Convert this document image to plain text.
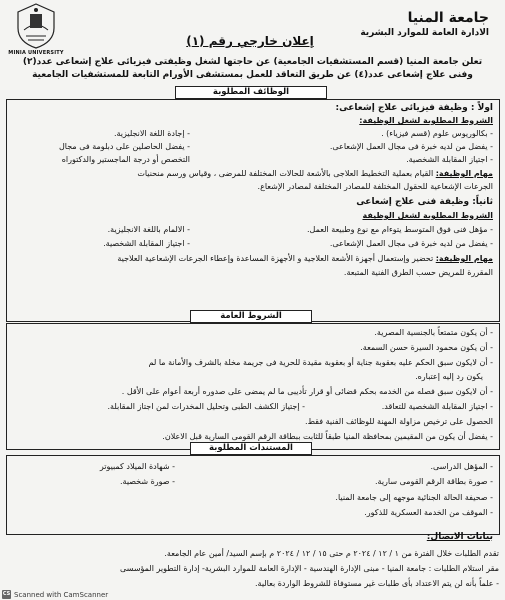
MINIA UNIVERSITY
جامعة المنيا
الادارة العامة للموارد البشرية
إعلان خارجي رقم (١)
تعلن جامعة المنيا (قسم المستشفيات الجامعية) عن حاجتها لشغل وظيفتى فيزيائى علاج إشعاعى عدد(٢)
وفنى علاج إشعاعى عدد(٤) عن طريق التعاقد للعمل بمستشفى الأورام التابعة للمستشفيات الجامعية
الوظائف المطلوبة
اولاً : وظيفة فيزيائى علاج إشعاعى:
الشروط المطلوبة لشغل الوظيفة:
- بكالوريوس علوم (قسم فيزياء) .
- إجادة اللغة الانجليزية.
- يفضل من لديه خبرة فى مجال العمل الإشعاعى.
- يفضل الحاصلين على دبلومة فى مجال
- اجتياز المقابلة الشخصية.
التخصص أو درجة الماجستير والدكتوراه
مهام الوظيفة: القيام بعملية التخطيط العلاجى بالأشعة للحالات المختلفة للمرضى ، وقياس ورسم منحنيات
الجرعات الإشعاعية للحقول المختلفة للمصادر المختلفة لمصادر الإشعاع.
ثانياً: وظيفة فنى علاج إشعاعى
الشروط المطلوبة لشغل الوظيفة
- مؤهل فنى فوق المتوسط يتوءام مع نوع وطبيعة العمل.
- الالمام باللغة الانجليزية.
- يفضل من لديه خبرة فى مجال العمل الإشعاعى.
- اجتياز المقابلة الشخصية.
مهام الوظيفة: تحضير وإستعمال أجهزة الأشعة العلاجية و الأجهزة المساعدة وإعطاء الجرعات الإشعاعية العلاجية
المقررة للمريض حسب الطرق الفنية المتبعة.
الشروط العامة
- أن يكون متمتعاً بالجنسية المصرية.
- أن يكون محمود السيرة حسن السمعة.
- أن لايكون سبق الحكم عليه بعقوبة جناية أو بعقوبة مقيدة للحرية فى جريمة مخلة بالشرف والأمانة ما لم
يكون رد إليه إعتباره.
- أن لايكون سبق فصله من الخدمه بحكم قضائى أو قرار تأديبى ما لم يمضى على صدوره أربعة أعوام على الأقل .
- اجتياز المقابلة الشخصية للتعاقد.
- إجتياز الكشف الطبى وتحليل المخدرات لمن اجتاز المقابلة.
الحصول على ترخيص مزاولة المهنة للوظائف الفنية فقط.
- يفضل أن يكون من المقيمين بمحافظة المنيا طبقاً للثابت ببطاقة الرقم القومى السارية قبل الاعلان.
المستندات المطلوبة
- المؤهل الدراسى.
- شهادة الميلاد كمبيوتر
- صورة بطاقة الرقم القومى سارية.
- صورة شخصية.
- صحيفة الحالة الجنائية موجهه إلى جامعة المنيا.
- الموقف من الخدمة العسكرية للذكور.
بيانات الاتصال:
تقدم الطلبات خلال الفترة من ١ / ١٢ / ٢٠٢٤ م حتى ١٥ / ١٢ / ٢٠٢٤ م بإسم السيد/ أمين عام الجامعة.
مقر استلام الطلبات : جامعة المنيا - مبنى الإدارة الهندسية - الإدارة العامة للموارد البشرية- إدارة التطوير المؤسسى
- علماً بأنه لن يتم الاعتداد بأى طلبات غير مستوفاة للشروط الواردة بعالية.
CS Scanned with CamScanner
